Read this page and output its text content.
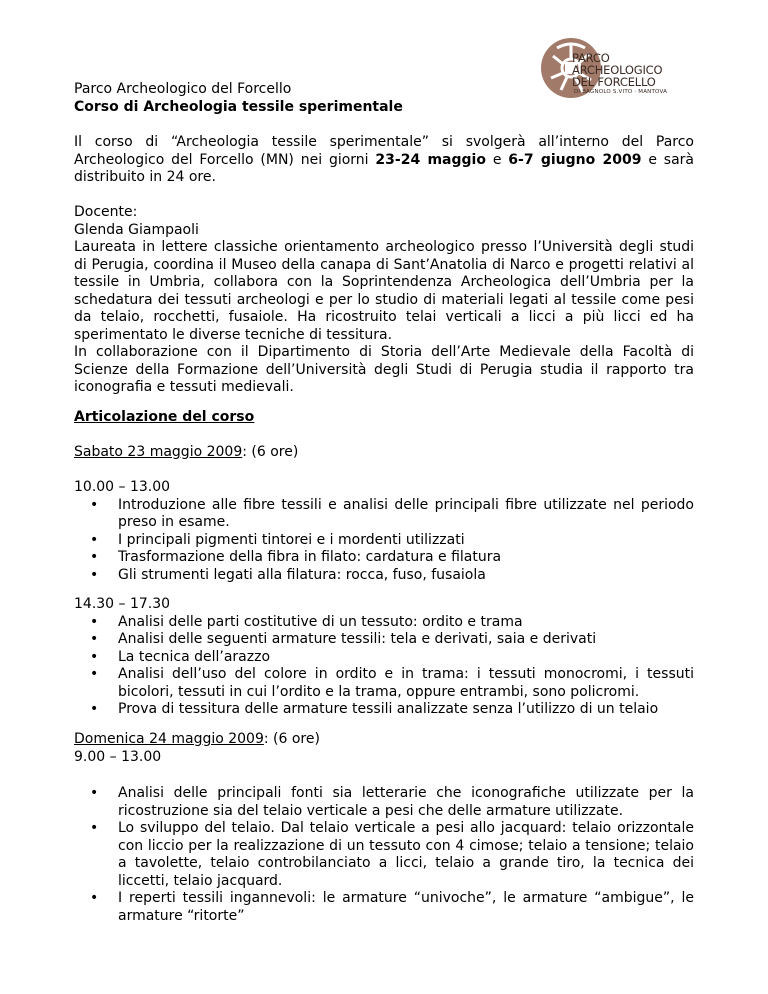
PARCO
ARCHEOLOGICO
DEL FORCELLO
DI BAGNOLO S.VITO · MANTOVA
Parco Archeologico del Forcello
Corso di Archeologia tessile sperimentale
Il corso di “Archeologia tessile sperimentale” si svolgerà all’interno del Parco Archeologico del Forcello (MN) nei giorni 23-24 maggio e 6-7 giugno 2009 e sarà distribuito in 24 ore.
Docente:
Glenda Giampaoli
Laureata in lettere classiche orientamento archeologico presso l’Università degli studi di Perugia, coordina il Museo della canapa di Sant’Anatolia di Narco e progetti relativi al tessile in Umbria, collabora con la Soprintendenza Archeologica dell’Umbria per la schedatura dei tessuti archeologi e per lo studio di materiali legati al tessile come pesi da telaio, rocchetti, fusaiole. Ha ricostruito telai verticali a licci a più licci ed ha sperimentato le diverse tecniche di tessitura.
In collaborazione con il Dipartimento di Storia dell’Arte Medievale della Facoltà di Scienze della Formazione dell’Università degli Studi di Perugia studia il rapporto tra iconografia e tessuti medievali.
Articolazione del corso
Sabato 23 maggio 2009: (6 ore)
10.00 – 13.00
• Introduzione alle fibre tessili e analisi delle principali fibre utilizzate nel periodo preso in esame.
• I principali pigmenti tintorei e i mordenti utilizzati
• Trasformazione della fibra in filato: cardatura e filatura
• Gli strumenti legati alla filatura: rocca, fuso, fusaiola
14.30 – 17.30
• Analisi delle parti costitutive di un tessuto: ordito e trama
• Analisi delle seguenti armature tessili: tela e derivati, saia e derivati
• La tecnica dell’arazzo
• Analisi dell’uso del colore in ordito e in trama: i tessuti monocromi, i tessuti bicolori, tessuti in cui l’ordito e la trama, oppure entrambi, sono policromi.
• Prova di tessitura delle armature tessili analizzate senza l’utilizzo di un telaio
Domenica 24 maggio 2009: (6 ore)
9.00 – 13.00
• Analisi delle principali fonti sia letterarie che iconografiche utilizzate per la ricostruzione sia del telaio verticale a pesi che delle armature utilizzate.
• Lo sviluppo del telaio. Dal telaio verticale a pesi allo jacquard: telaio orizzontale con liccio per la realizzazione di un tessuto con 4 cimose; telaio a tensione; telaio a tavolette, telaio controbilanciato a licci, telaio a grande tiro, la tecnica dei liccetti, telaio jacquard.
• I reperti tessili ingannevoli: le armature “univoche”, le armature “ambigue”, le armature “ritorte”
